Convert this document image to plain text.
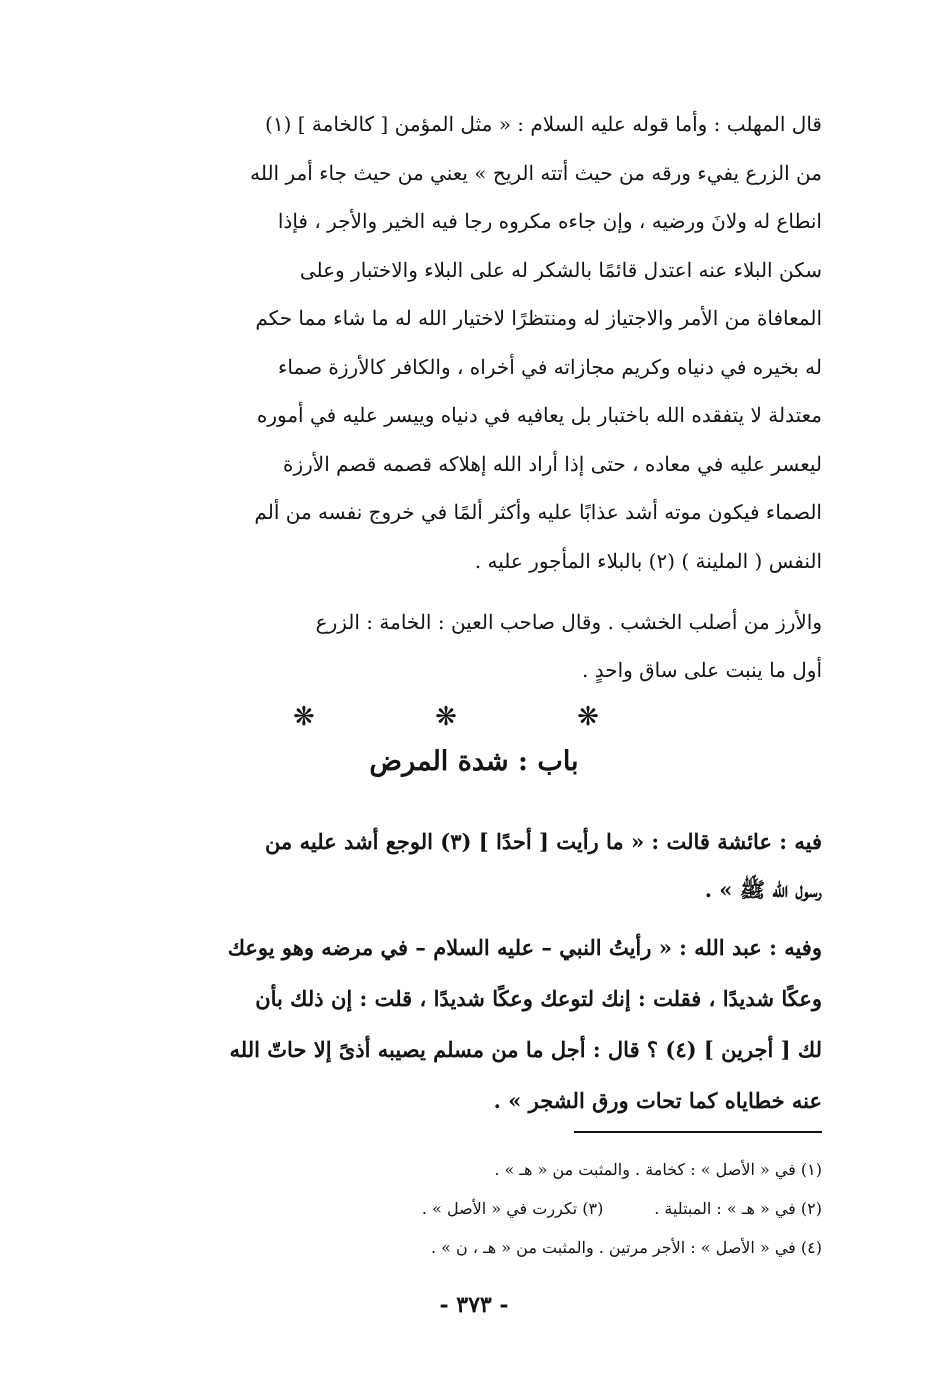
قال المهلب : وأما قوله عليه السلام : « مثل المؤمن [ كالخامة ] (١)
من الزرع يفيء ورقه من حيث أتته الريح » يعني من حيث جاء أمر الله
انطاع له ولانَ ورضيه ، وإن جاءه مكروه رجا فيه الخير والأجر ، فإذا
سكن البلاء عنه اعتدل قائمًا بالشكر له على البلاء والاختبار وعلى
المعافاة من الأمر والاجتياز له ومنتظرًا لاختيار الله له ما شاء مما حكم
له بخيره في دنياه وكريم مجازاته في أخراه ، والكافر كالأرزة صماء
معتدلة لا يتفقده الله باختبار بل يعافيه في دنياه وييسر عليه في أموره
ليعسر عليه في معاده ، حتى إذا أراد الله إهلاكه قصمه قصم الأرزة
الصماء فيكون موته أشد عذابًا عليه وأكثر ألمًا في خروج نفسه من ألم
النفس ( الملينة ) (٢) بالبلاء المأجور عليه .
والأرز من أصلب الخشب . وقال صاحب العين : الخامة : الزرع
أول ما ينبت على ساق واحدٍ .
❋ ❋ ❋
باب : شدة المرض
فيه : عائشة قالت : « ما رأيت [ أحدًا ] (٣) الوجع أشد عليه من
رسول الله ﷺ » .
وفيه : عبد الله : « رأيتُ النبي – عليه السلام – في مرضه وهو يوعك
وعكًا شديدًا ، فقلت : إنك لتوعك وعكًا شديدًا ، قلت : إن ذلك بأن
لك [ أجرين ] (٤) ؟ قال : أجل ما من مسلم يصيبه أذىً إلا حاتّ الله
عنه خطاياه كما تحات ورق الشجر » .
(١) في « الأصل » : كخامة . والمثبت من « هـ » .
(٢) في « هـ » : المبتلية .          (٣) تكررت في « الأصل » .
(٤) في « الأصل » : الأجر مرتين . والمثبت من « هـ ، ن » .
- ٣٧٣ -
